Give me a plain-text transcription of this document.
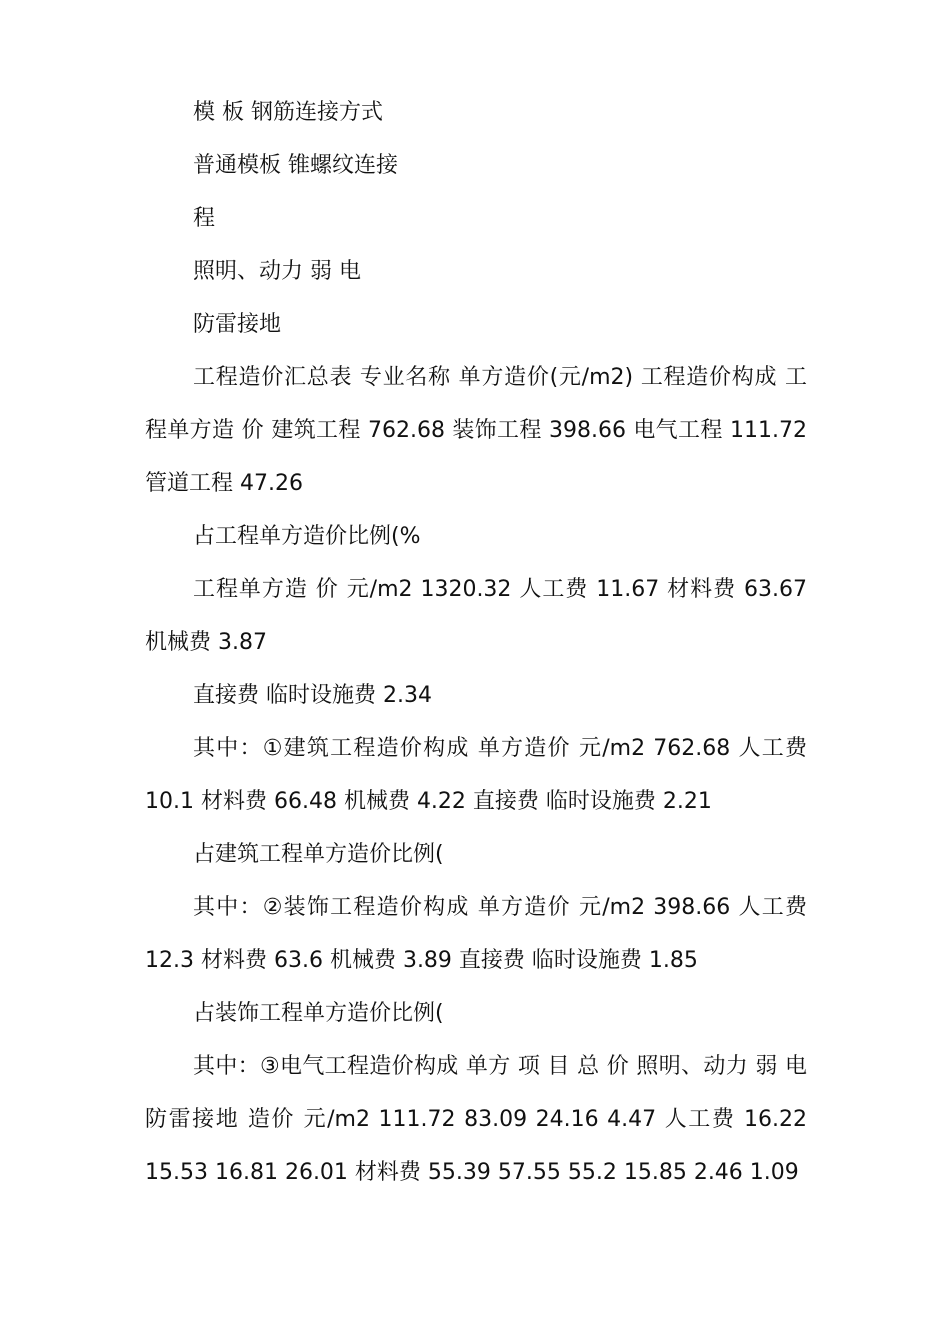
模 板 钢筋连接方式

普通模板 锥螺纹连接

程

照明、动力 弱 电

防雷接地

工程造价汇总表 专业名称 单方造价(元/m2) 工程造价构成 工程单方造 价 建筑工程 762.68 装饰工程 398.66 电气工程 111.72 管道工程 47.26

占工程单方造价比例(%

工程单方造 价 元/m2 1320.32 人工费 11.67 材料费 63.67 机械费 3.87

直接费 临时设施费 2.34

其中：①建筑工程造价构成 单方造价 元/m2 762.68 人工费 10.1 材料费 66.48 机械费 4.22 直接费 临时设施费 2.21

占建筑工程单方造价比例(

其中：②装饰工程造价构成 单方造价 元/m2 398.66 人工费 12.3 材料费 63.6 机械费 3.89 直接费 临时设施费 1.85

占装饰工程单方造价比例(

其中：③电气工程造价构成 单方 项 目 总 价 照明、动力 弱 电 防雷接地 造价 元/m2 111.72 83.09 24.16 4.47 人工费 16.22 15.53 16.81 26.01 材料费 55.39 57.55 55.2 15.85 2.46 1.09
